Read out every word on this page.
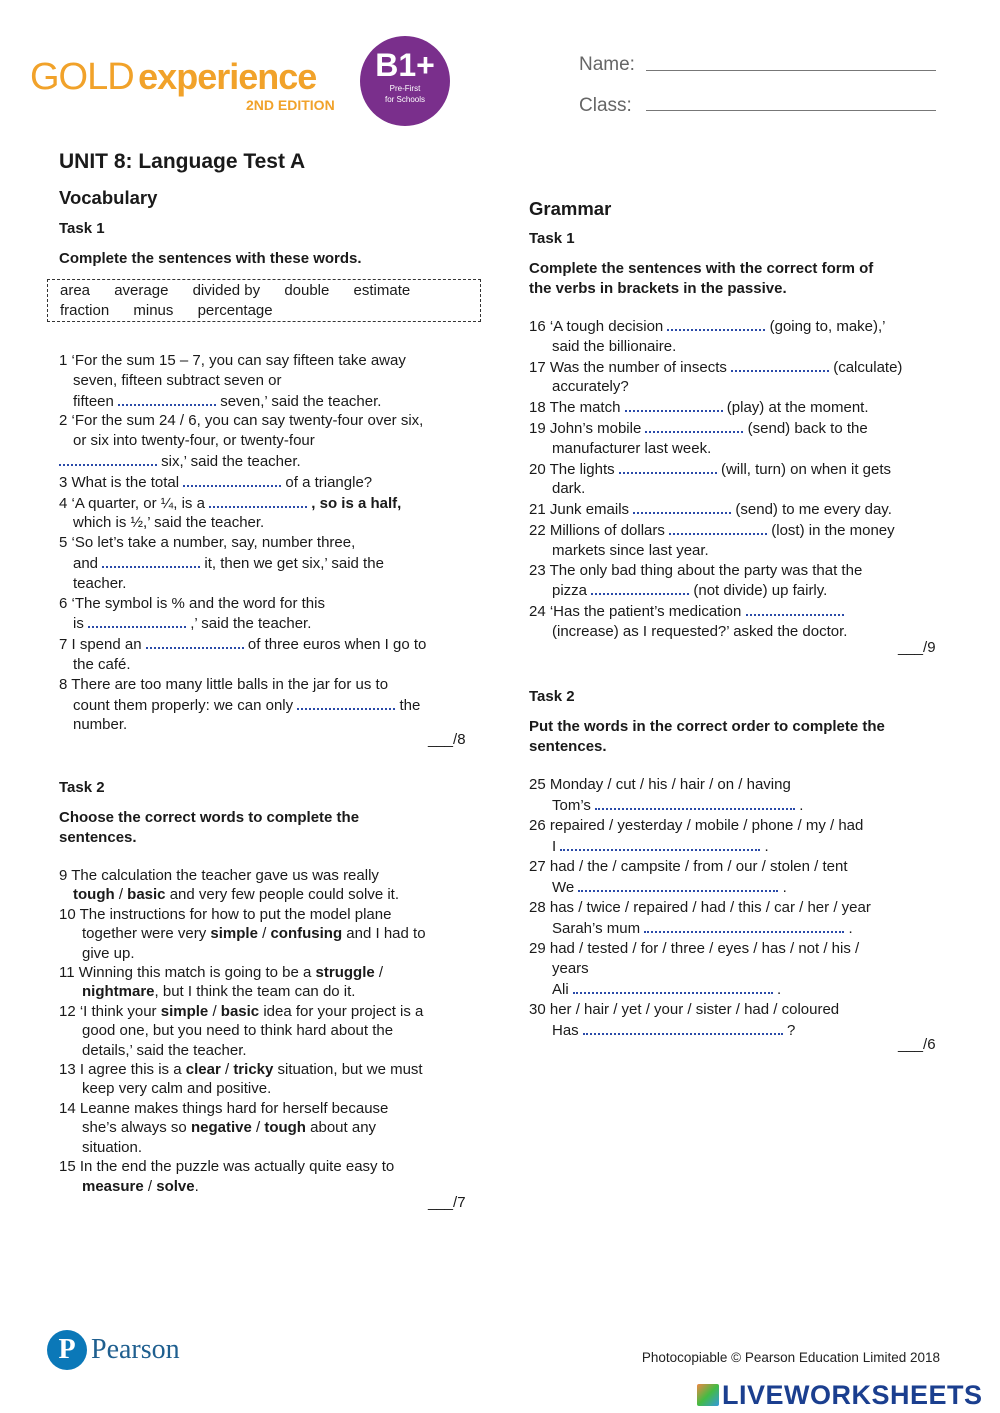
GOLD experience
2ND EDITION
B1+
Pre-First
for Schools
Name:
Class:
UNIT 8: Language Test A
Vocabulary
Task 1
Complete the sentences with these words.
area average divided by double estimate
fraction minus percentage

1 ‘For the sum 15 – 7, you can say fifteen take away

seven, fifteen subtract seven or

fifteen	seven,’ said the teacher.

2 ‘For the sum 24 / 6, you can say twenty-four over six,

or six into twenty-four, or twenty-four

six,’ said the teacher.

3 What is the total	of a triangle?

4 ‘A quarter, or ¼, is a	, so is a half,

which is ½,’ said the teacher.

5 ‘So let’s take a number, say, number three,

and	it, then we get six,’ said the

teacher.

6 ‘The symbol is % and the word for this

is	,’ said the teacher.

7 I spend an	of three euros when I go to

the café.

8 There are too many little balls in the jar for us to

count them properly: we can only	the

number.

___/8
Task 2
Choose the correct words to complete the
sentences.

9 The calculation the teacher gave us was really

tough / basic and very few people could solve it.

10 The instructions for how to put the model plane

together were very simple / confusing and I had to

give up.

11 Winning this match is going to be a struggle /

nightmare, but I think the team can do it.

12 ‘I think your simple / basic idea for your project is a

good one, but you need to think hard about the

details,’ said the teacher.

13 I agree this is a clear / tricky situation, but we must

keep very calm and positive.

14 Leanne makes things hard for herself because

she’s always so negative / tough about any

situation.

15 In the end the puzzle was actually quite easy to

measure / solve.

___/7
Grammar
Task 1
Complete the sentences with the correct form of
the verbs in brackets in the passive.

16 ‘A tough decision	(going to, make),’

said the billionaire.

17 Was the number of insects	(calculate)

accurately?

18 The match	(play) at the moment.

19 John’s mobile	(send) back to the

manufacturer last week.

20 The lights	(will, turn) on when it gets

dark.

21 Junk emails	(send) to me every day.

22 Millions of dollars	(lost) in the money

markets since last year.

23 The only bad thing about the party was that the

pizza	(not divide) up fairly.

24 ‘Has the patient’s medication

(increase) as I requested?’ asked the doctor.

___/9
Task 2
Put the words in the correct order to complete the
sentences.

25 Monday / cut / his / hair / on / having

Tom’s	.

26 repaired / yesterday / mobile / phone / my / had

I	.

27 had / the / campsite / from / our / stolen / tent

We	.

28 has / twice / repaired / had / this / car / her / year

Sarah’s mum	.

29 had / tested / for / three / eyes / has / not / his /

years

Ali	.

30 her / hair / yet / your / sister / had / coloured

Has	?

___/6
P Pearson	Photocopiable © Pearson Education Limited 2018
LIVEWORKSHEETS
